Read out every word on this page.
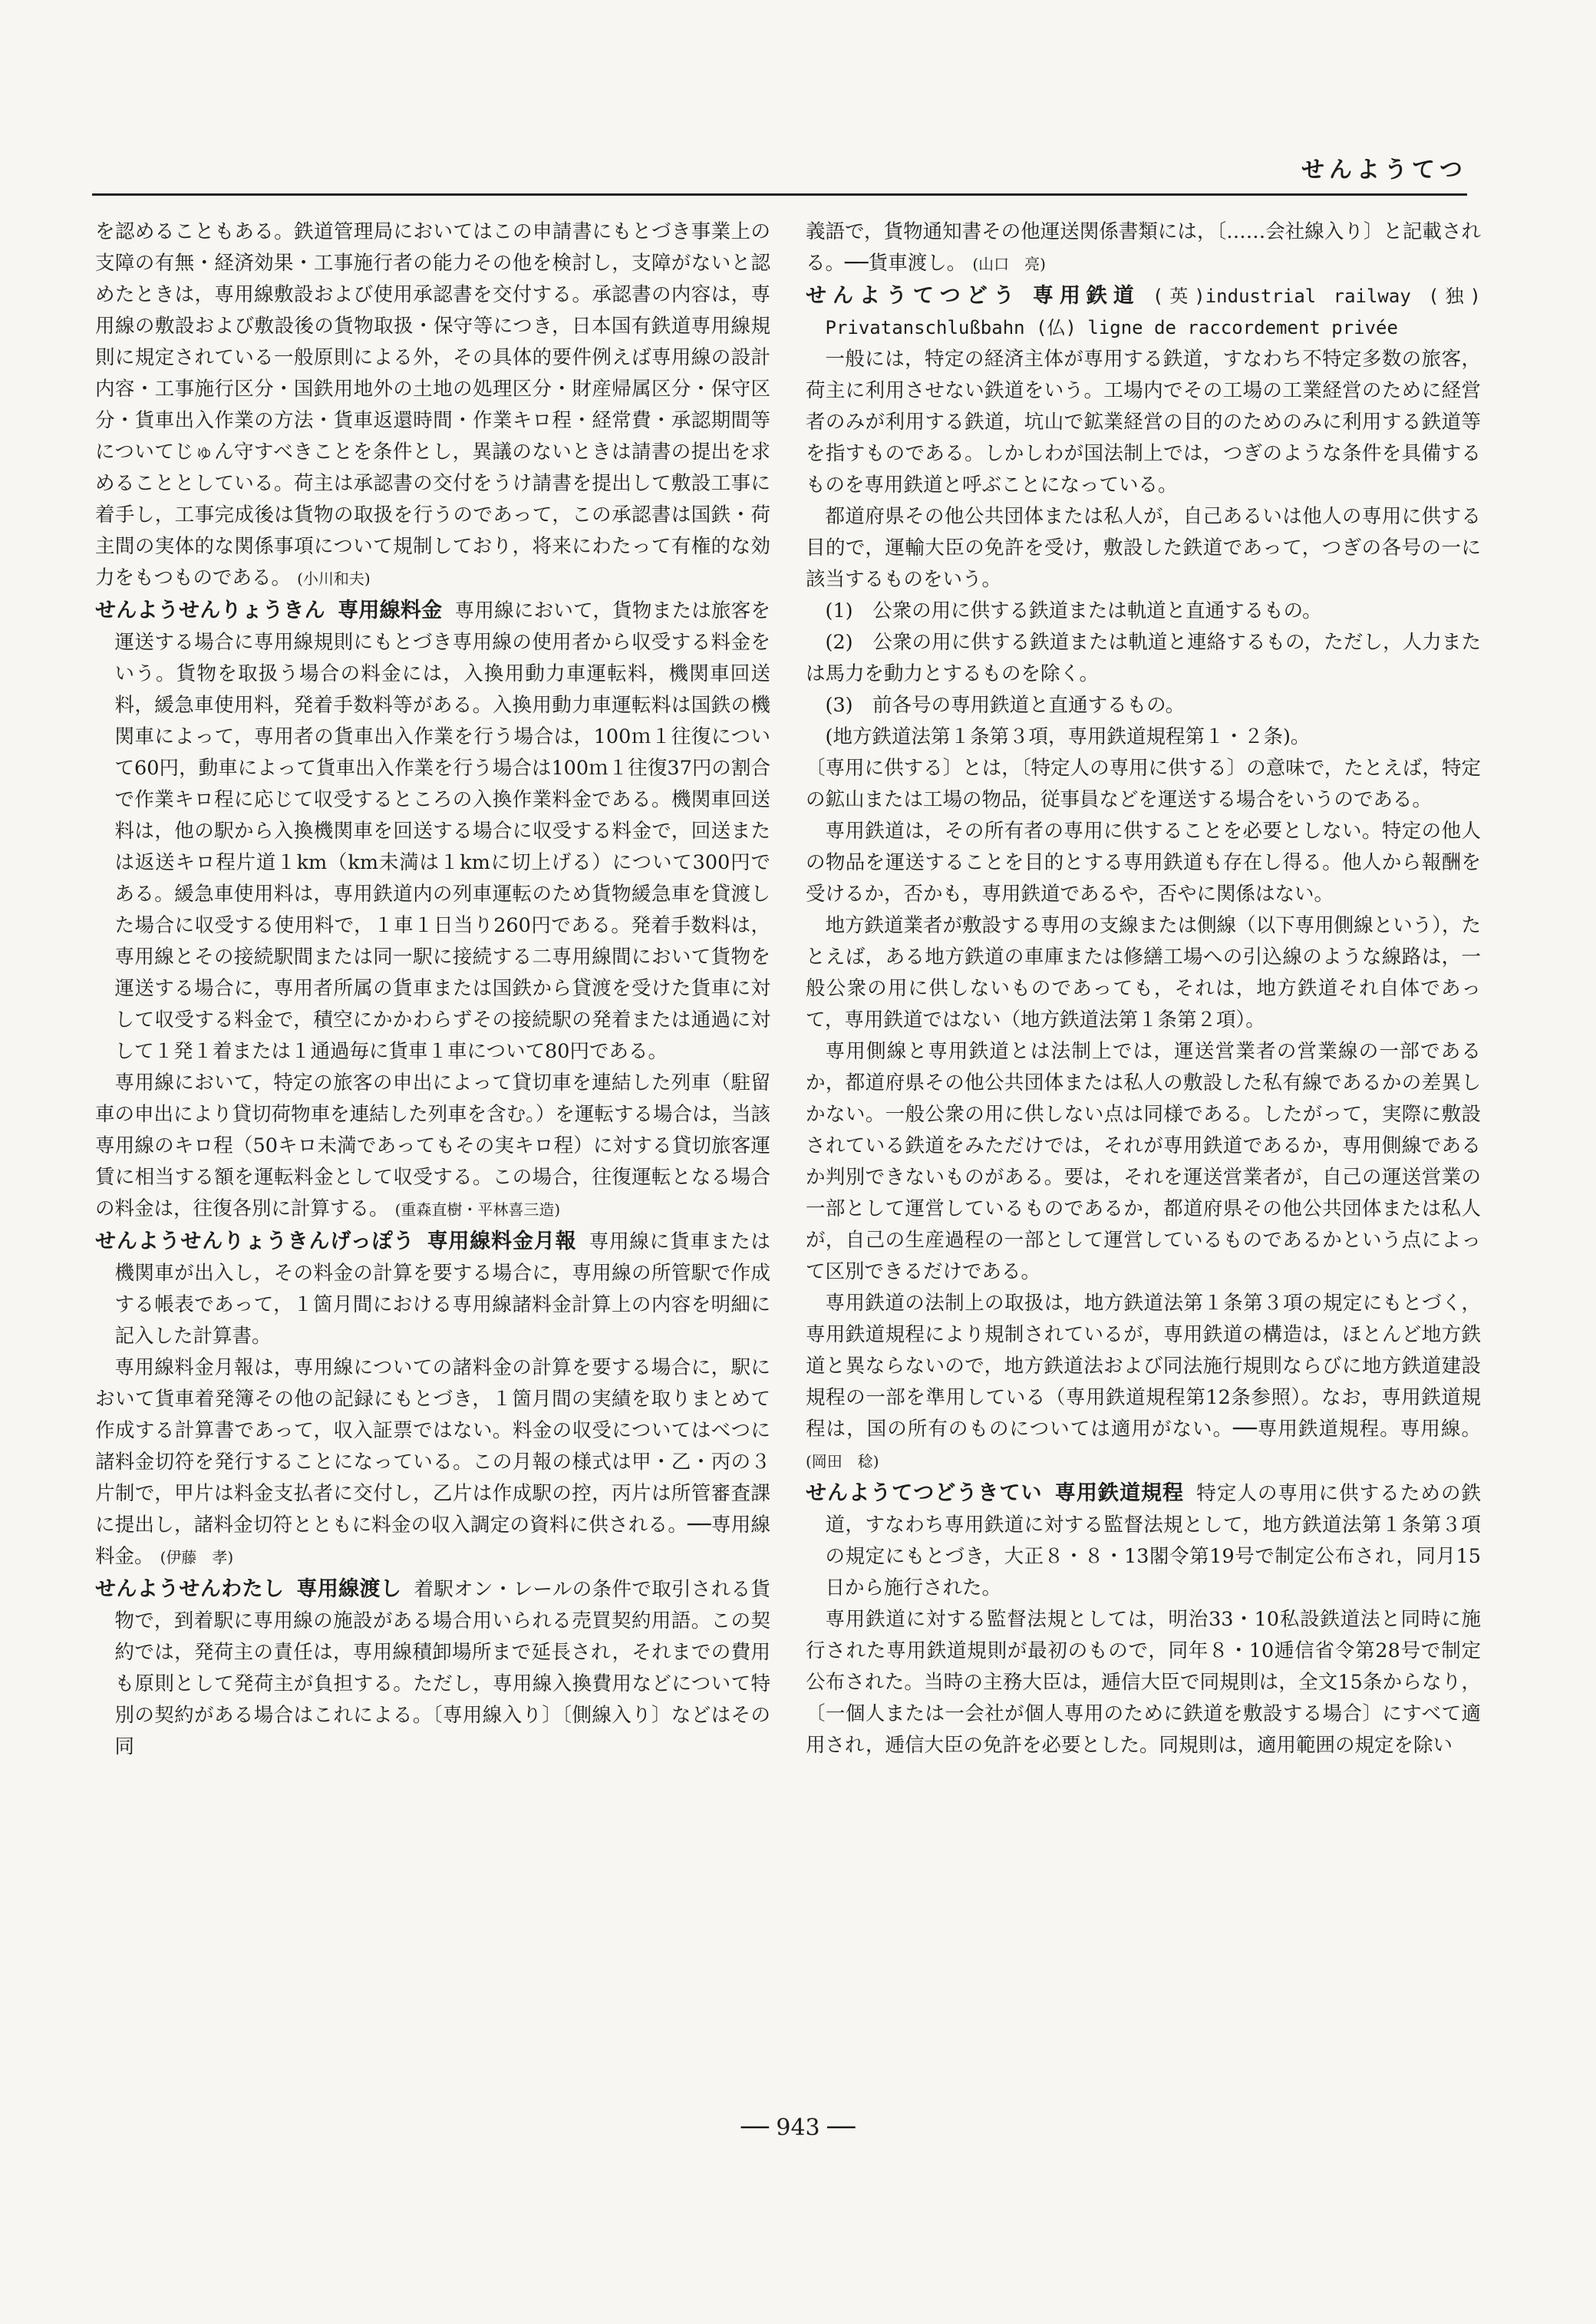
せんようてつ

を認めることもある。鉄道管理局においてはこの申請書にもとづき事業上の支障の有無・経済効果・工事施行者の能力その他を検討し，支障がないと認めたときは，専用線敷設および使用承認書を交付する。承認書の内容は，専用線の敷設および敷設後の貨物取扱・保守等につき，日本国有鉄道専用線規則に規定されている一般原則による外，その具体的要件例えば専用線の設計内容・工事施行区分・国鉄用地外の土地の処理区分・財産帰属区分・保守区分・貨車出入作業の方法・貨車返還時間・作業キロ程・経常費・承認期間等についてじゅん守すべきことを条件とし，異議のないときは請書の提出を求めることとしている。荷主は承認書の交付をうけ請書を提出して敷設工事に着手し，工事完成後は貨物の取扱を行うのであって，この承認書は国鉄・荷主間の実体的な関係事項について規制しており，将来にわたって有権的な効力をもつものである。 (小川和夫)

せんようせんりょうきん 専用線料金 専用線において，貨物または旅客を運送する場合に専用線規則にもとづき専用線の使用者から収受する料金をいう。貨物を取扱う場合の料金には，入換用動力車運転料，機関車回送料，緩急車使用料，発着手数料等がある。入換用動力車運転料は国鉄の機関車によって，専用者の貨車出入作業を行う場合は，100ｍ１往復について60円，動車によって貨車出入作業を行う場合は100ｍ１往復37円の割合で作業キロ程に応じて収受するところの入換作業料金である。機関車回送料は，他の駅から入換機関車を回送する場合に収受する料金で，回送または返送キロ程片道１km（km未満は１kmに切上げる）について300円である。緩急車使用料は，専用鉄道内の列車運転のため貨物緩急車を貸渡した場合に収受する使用料で，１車１日当り260円である。発着手数料は，専用線とその接続駅間または同一駅に接続する二専用線間において貨物を運送する場合に，専用者所属の貨車または国鉄から貸渡を受けた貨車に対して収受する料金で，積空にかかわらずその接続駅の発着または通過に対して１発１着または１通過毎に貨車１車について80円である。

専用線において，特定の旅客の申出によって貸切車を連結した列車（駐留車の申出により貸切荷物車を連結した列車を含む。）を運転する場合は，当該専用線のキロ程（50キロ未満であってもその実キロ程）に対する貸切旅客運賃に相当する額を運転料金として収受する。この場合，往復運転となる場合の料金は，往復各別に計算する。 (重森直樹・平林喜三造)

せんようせんりょうきんげっぽう 専用線料金月報 専用線に貨車または機関車が出入し，その料金の計算を要する場合に，専用線の所管駅で作成する帳表であって，１箇月間における専用線諸料金計算上の内容を明細に記入した計算書。

専用線料金月報は，専用線についての諸料金の計算を要する場合に，駅において貨車着発簿その他の記録にもとづき，１箇月間の実績を取りまとめて作成する計算書であって，収入証票ではない。料金の収受についてはべつに諸料金切符を発行することになっている。この月報の様式は甲・乙・丙の３片制で，甲片は料金支払者に交付し，乙片は作成駅の控，丙片は所管審査課に提出し，諸料金切符とともに料金の収入調定の資料に供される。──専用線料金。 (伊藤　孝)

せんようせんわたし 専用線渡し 着駅オン・レールの条件で取引される貨物で，到着駅に専用線の施設がある場合用いられる売買契約用語。この契約では，発荷主の責任は，専用線積卸場所まで延長され，それまでの費用も原則として発荷主が負担する。ただし，専用線入換費用などについて特別の契約がある場合はこれによる。〔専用線入り〕〔側線入り〕などはその同

義語で，貨物通知書その他運送関係書類には，〔……会社線入り〕と記載される。──貨車渡し。 (山口　亮)

せんようてつどう 専用鉄道 (英)industrial railway (独) Privatanschlußbahn (仏) ligne de raccordement privée

一般には，特定の経済主体が専用する鉄道，すなわち不特定多数の旅客，荷主に利用させない鉄道をいう。工場内でその工場の工業経営のために経営者のみが利用する鉄道，坑山で鉱業経営の目的のためのみに利用する鉄道等を指すものである。しかしわが国法制上では，つぎのような条件を具備するものを専用鉄道と呼ぶことになっている。

都道府県その他公共団体または私人が，自己あるいは他人の専用に供する目的で，運輸大臣の免許を受け，敷設した鉄道であって，つぎの各号の一に該当するものをいう。

(1)　公衆の用に供する鉄道または軌道と直通するもの。

(2)　公衆の用に供する鉄道または軌道と連絡するもの，ただし，人力または馬力を動力とするものを除く。

(3)　前各号の専用鉄道と直通するもの。

(地方鉄道法第１条第３項，専用鉄道規程第１・２条)。

〔専用に供する〕とは，〔特定人の専用に供する〕の意味で，たとえば，特定の鉱山または工場の物品，従事員などを運送する場合をいうのである。

専用鉄道は，その所有者の専用に供することを必要としない。特定の他人の物品を運送することを目的とする専用鉄道も存在し得る。他人から報酬を受けるか，否かも，専用鉄道であるや，否やに関係はない。

地方鉄道業者が敷設する専用の支線または側線（以下専用側線という），たとえば，ある地方鉄道の車庫または修繕工場への引込線のような線路は，一般公衆の用に供しないものであっても，それは，地方鉄道それ自体であって，専用鉄道ではない（地方鉄道法第１条第２項）。

専用側線と専用鉄道とは法制上では，運送営業者の営業線の一部であるか，都道府県その他公共団体または私人の敷設した私有線であるかの差異しかない。一般公衆の用に供しない点は同様である。したがって，実際に敷設されている鉄道をみただけでは，それが専用鉄道であるか，専用側線であるか判別できないものがある。要は，それを運送営業者が，自己の運送営業の一部として運営しているものであるか，都道府県その他公共団体または私人が，自己の生産過程の一部として運営しているものであるかという点によって区別できるだけである。

専用鉄道の法制上の取扱は，地方鉄道法第１条第３項の規定にもとづく，専用鉄道規程により規制されているが，専用鉄道の構造は，ほとんど地方鉄道と異ならないので，地方鉄道法および同法施行規則ならびに地方鉄道建設規程の一部を準用している（専用鉄道規程第12条参照）。なお，専用鉄道規程は，国の所有のものについては適用がない。──専用鉄道規程。専用線。 (岡田　稔)

せんようてつどうきてい 専用鉄道規程 特定人の専用に供するための鉄道，すなわち専用鉄道に対する監督法規として，地方鉄道法第１条第３項の規定にもとづき，大正８・８・13閣令第19号で制定公布され，同月15日から施行された。

専用鉄道に対する監督法規としては，明治33・10私設鉄道法と同時に施行された専用鉄道規則が最初のもので，同年８・10逓信省令第28号で制定公布された。当時の主務大臣は，逓信大臣で同規則は，全文15条からなり，〔一個人または一会社が個人専用のために鉄道を敷設する場合〕にすべて適用され，逓信大臣の免許を必要とした。同規則は，適用範囲の規定を除い

── 943 ──
